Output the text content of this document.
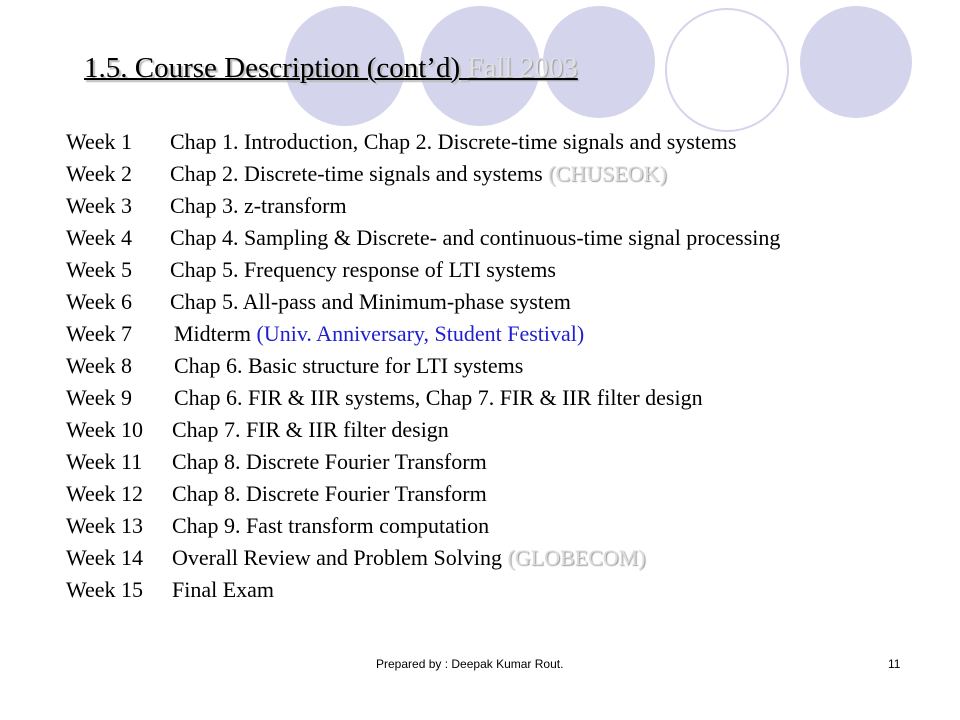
1.5. Course Description (cont’d) Fall 2003
Week 1 Chap 1. Introduction, Chap 2. Discrete-time signals and systems
Week 2 Chap 2. Discrete-time signals and systems (CHUSEOK)
Week 3 Chap 3. z-transform
Week 4 Chap 4. Sampling & Discrete- and continuous-time signal processing
Week 5 Chap 5. Frequency response of LTI systems
Week 6 Chap 5. All-pass and Minimum-phase system
Week 7 Midterm (Univ. Anniversary, Student Festival)
Week 8 Chap 6. Basic structure for LTI systems
Week 9 Chap 6. FIR & IIR systems, Chap 7. FIR & IIR filter design
Week 10 Chap 7. FIR & IIR filter design
Week 11 Chap 8. Discrete Fourier Transform
Week 12 Chap 8. Discrete Fourier Transform
Week 13 Chap 9. Fast transform computation
Week 14 Overall Review and Problem Solving (GLOBECOM)
Week 15 Final Exam
Prepared by : Deepak Kumar Rout.	11
